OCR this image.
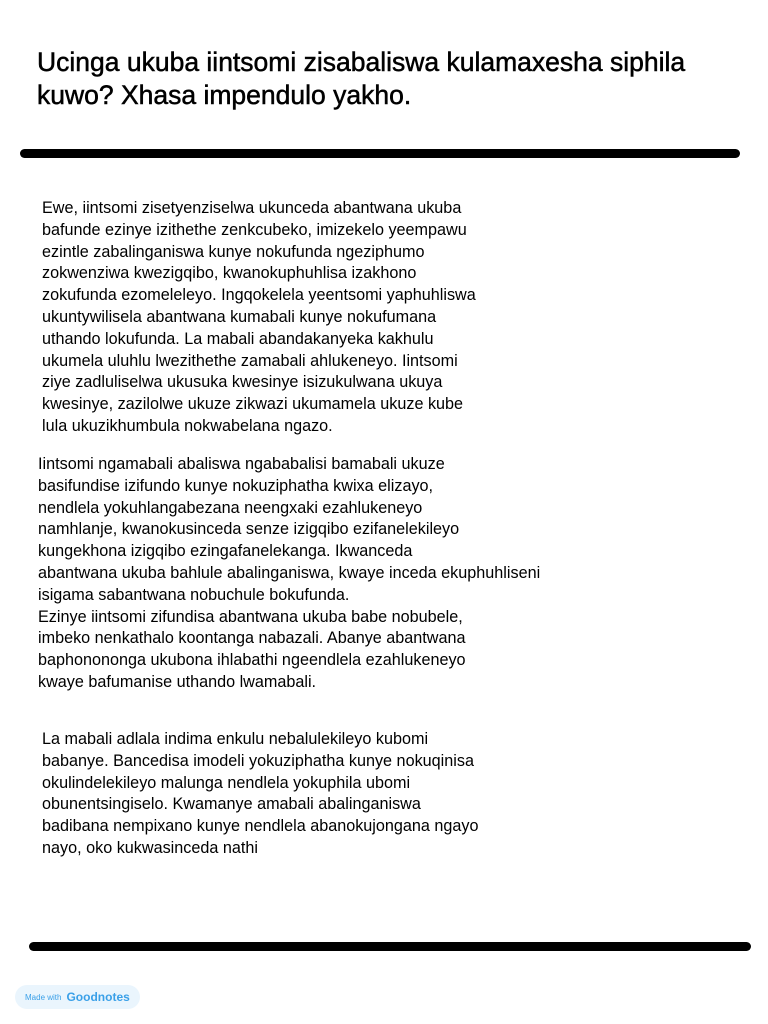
Ucinga ukuba iintsomi zisabaliswa kulamaxesha siphila kuwo? Xhasa impendulo yakho.

Ewe, iintsomi zisetyenziselwa ukunceda abantwana ukuba
bafunde ezinye izithethe zenkcubeko, imizekelo yeempawu
ezintle zabalinganiswa kunye nokufunda ngeziphumo
zokwenziwa kwezigqibo, kwanokuphuhlisa izakhono
zokufunda ezomeleleyo. Ingqokelela yeentsomi yaphuhliswa
ukuntywilisela abantwana kumabali kunye nokufumana
uthando lokufunda. La mabali abandakanyeka kakhulu
ukumela uluhlu lwezithethe zamabali ahlukeneyo. Iintsomi
ziye zadluliselwa ukusuka kwesinye isizukulwana ukuya
kwesinye, zazilolwe ukuze zikwazi ukumamela ukuze kube
lula ukuzikhumbula nokwabelana ngazo.

Iintsomi ngamabali abaliswa ngababalisi bamabali ukuze
basifundise izifundo kunye nokuziphatha kwixa elizayo,
nendlela yokuhlangabezana neengxaki ezahlukeneyo
namhlanje, kwanokusinceda senze izigqibo ezifanelekileyo
kungekhona izigqibo ezingafanelekanga. Ikwanceda
abantwana ukuba bahlule abalinganiswa, kwaye inceda ekuphuhliseni
isigama sabantwana nobuchule bokufunda.
Ezinye iintsomi zifundisa abantwana ukuba babe nobubele,
imbeko nenkathalo koontanga nabazali. Abanye abantwana
baphonononga ukubona ihlabathi ngeendlela ezahlukeneyo
kwaye bafumanise uthando lwamabali.

La mabali adlala indima enkulu nebalulekileyo kubomi
babanye. Bancedisa imodeli yokuziphatha kunye nokuqinisa
okulindelekileyo malunga nendlela yokuphila ubomi
obunentsingiselo. Kwamanye amabali abalinganiswa
badibana nempixano kunye nendlela abanokujongana ngayo
nayo, oko kukwasinceda nathi

Made with Goodnotes
